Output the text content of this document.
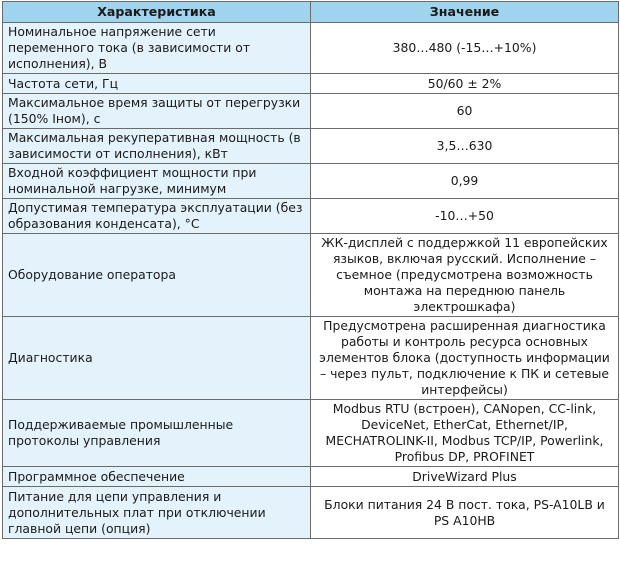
Характеристика	Значение
Номинальное напряжение сети переменного тока (в зависимости от исполнения), В	380…480 (-15…+10%)
Частота сети, Гц	50/60 ± 2%
Максимальное время защиты от перегрузки (150% Iном), с	60
Максимальная рекуперативная мощность (в зависимости от исполнения), кВт	3,5…630
Входной коэффициент мощности при номинальной нагрузке, минимум	0,99
Допустимая температура эксплуатации (без образования конденсата), °С	-10…+50
Оборудование оператора	ЖК-дисплей с поддержкой 11 европейских языков, включая русский. Исполнение – съемное (предусмотрена возможность монтажа на переднюю панель электрошкафа)
Диагностика	Предусмотрена расширенная диагностика работы и контроль ресурса основных элементов блока (доступность информации – через пульт, подключение к ПК и сетевые интерфейсы)
Поддерживаемые промышленные протоколы управления	Modbus RTU (встроен), CANopen, CC-link, DeviceNet, EtherCat, Ethernet/IP, MECHATROLINK-II, Modbus TCP/IP, Powerlink, Profibus DP, PROFINET
Программное обеспечение	DriveWizard Plus
Питание для цепи управления и дополнительных плат при отключении главной цепи (опция)	Блоки питания 24 В пост. тока, PS-A10LB и PS A10HB
